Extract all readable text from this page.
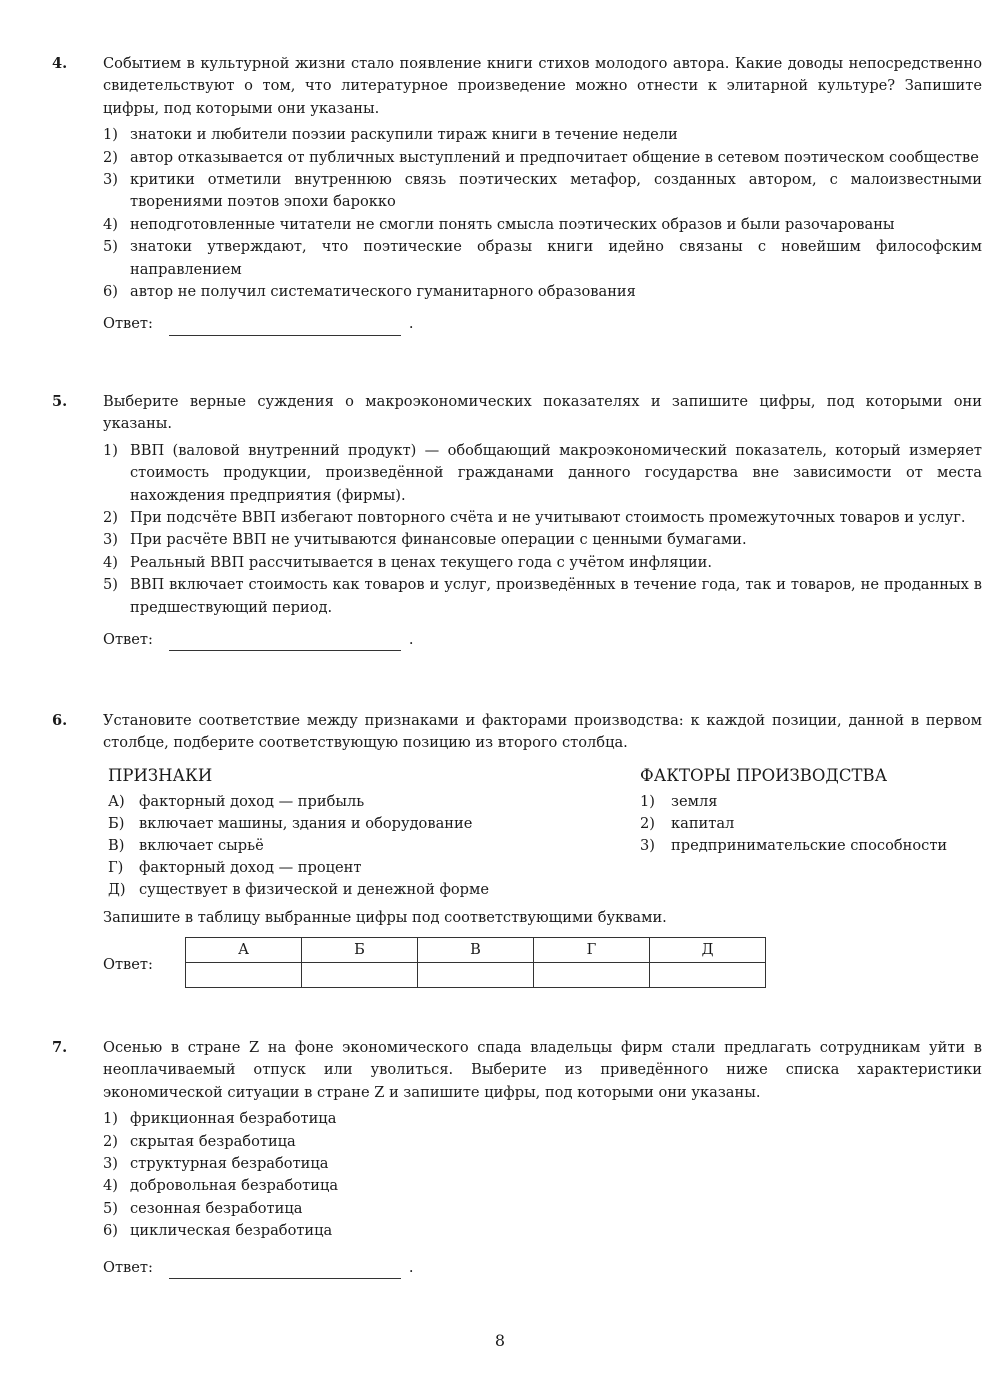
4. Событием в культурной жизни стало появление книги стихов молодого автора. Какие доводы непосредственно свидетельствуют о том, что литературное произведение можно отнести к элитарной культуре? Запишите цифры, под которыми они указаны.
1) знатоки и любители поэзии раскупили тираж книги в течение недели
2) автор отказывается от публичных выступлений и предпочитает общение в сетевом поэтическом сообществе
3) критики отметили внутреннюю связь поэтических метафор, созданных автором, с малоизвестными творениями поэтов эпохи барокко
4) неподготовленные читатели не смогли понять смысла поэтических образов и были разочарованы
5) знатоки утверждают, что поэтические образы книги идейно связаны с новейшим философским направлением
6) автор не получил систематического гуманитарного образования
Ответ:	.
5. Выберите верные суждения о макроэкономических показателях и запишите цифры, под которыми они указаны.
1) ВВП (валовой внутренний продукт) — обобщающий макроэкономический показатель, который измеряет стоимость продукции, произведённой гражданами данного государства вне зависимости от места нахождения предприятия (фирмы).
2) При подсчёте ВВП избегают повторного счёта и не учитывают стоимость промежуточных товаров и услуг.
3) При расчёте ВВП не учитываются финансовые операции с ценными бумагами.
4) Реальный ВВП рассчитывается в ценах текущего года с учётом инфляции.
5) ВВП включает стоимость как товаров и услуг, произведённых в течение года, так и товаров, не проданных в предшествующий период.
Ответ:	.
6. Установите соответствие между признаками и факторами производства: к каждой позиции, данной в первом столбце, подберите соответствующую позицию из второго столбца.
ПРИЗНАКИ	ФАКТОРЫ ПРОИЗВОДСТВА
А) факторный доход — прибыль
Б) включает машины, здания и оборудование
В) включает сырьё
Г) факторный доход — процент
Д) существует в физической и денежной форме
1) земля
2) капитал
3) предпринимательские способности
Запишите в таблицу выбранные цифры под соответствующими буквами.
Ответ:
А	Б	В	Г	Д

7. Осенью в стране Z на фоне экономического спада владельцы фирм стали предлагать сотрудникам уйти в неоплачиваемый отпуск или уволиться. Выберите из приведённого ниже списка характеристики экономической ситуации в стране Z и запишите цифры, под которыми они указаны.
1) фрикционная безработица
2) скрытая безработица
3) структурная безработица
4) добровольная безработица
5) сезонная безработица
6) циклическая безработица
Ответ:	.
8
